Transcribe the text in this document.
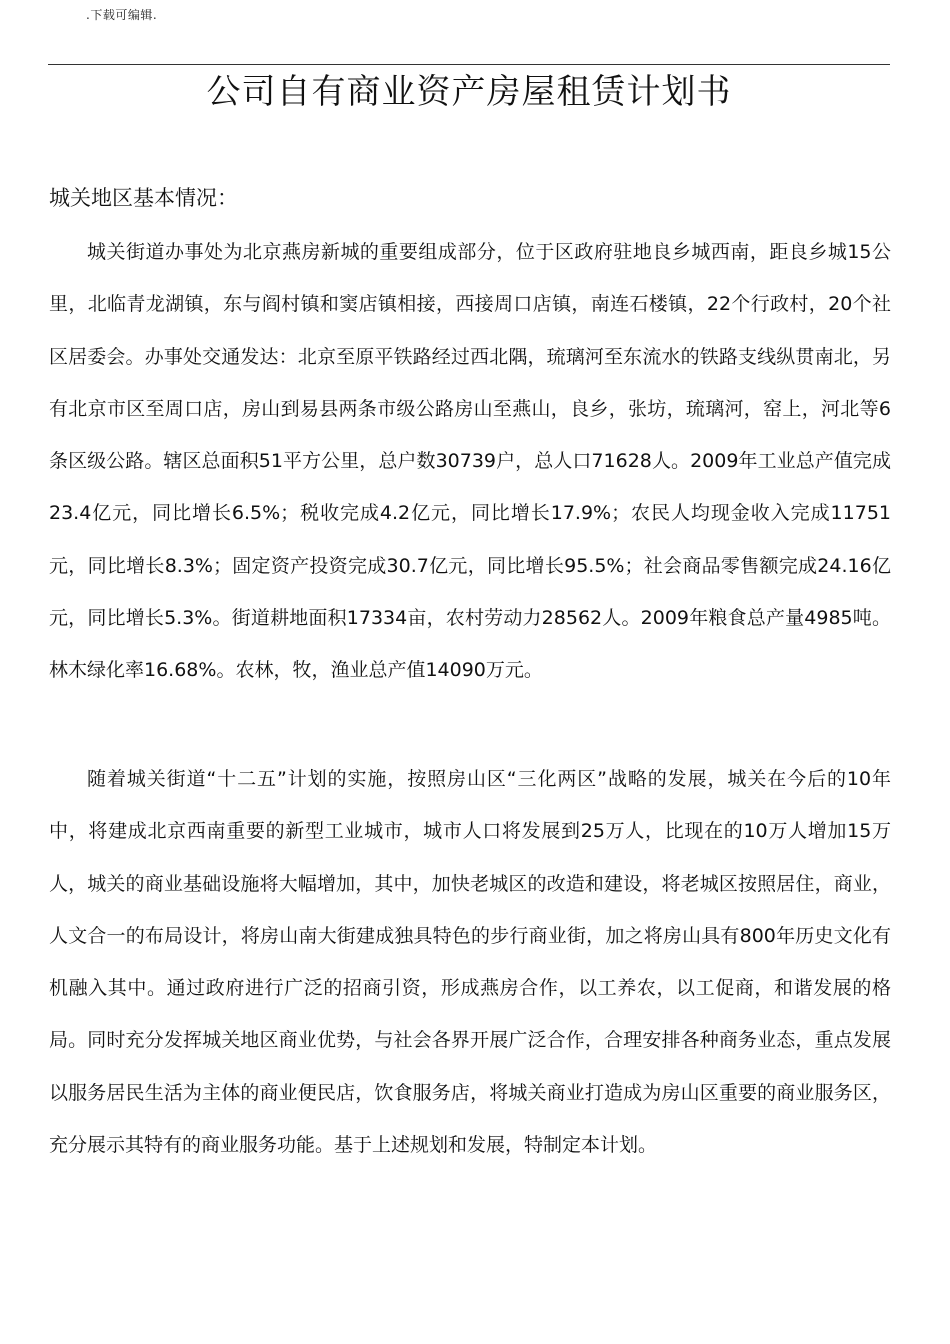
.下载可编辑.
公司自有商业资产房屋租赁计划书
城关地区基本情况：

城关街道办事处为北京燕房新城的重要组成部分，位于区政府驻地良乡城西南，距良乡城15公里，北临青龙湖镇，东与阎村镇和窦店镇相接，西接周口店镇，南连石楼镇，22个行政村，20个社区居委会。办事处交通发达：北京至原平铁路经过西北隅，琉璃河至东流水的铁路支线纵贯南北，另有北京市区至周口店，房山到易县两条市级公路房山至燕山，良乡，张坊，琉璃河，窑上，河北等6条区级公路。辖区总面积51平方公里，总户数30739户，总人口71628人。2009年工业总产值完成23.4亿元，同比增长6.5%；税收完成4.2亿元，同比增长17.9%；农民人均现金收入完成11751元，同比增长8.3%；固定资产投资完成30.7亿元，同比增长95.5%；社会商品零售额完成24.16亿元，同比增长5.3%。街道耕地面积17334亩，农村劳动力28562人。2009年粮食总产量4985吨。林木绿化率16.68%。农林，牧，渔业总产值14090万元。

随着城关街道“十二五”计划的实施，按照房山区“三化两区”战略的发展，城关在今后的10年中，将建成北京西南重要的新型工业城市，城市人口将发展到25万人，比现在的10万人增加15万人，城关的商业基础设施将大幅增加，其中，加快老城区的改造和建设，将老城区按照居住，商业，人文合一的布局设计，将房山南大街建成独具特色的步行商业街，加之将房山具有800年历史文化有机融入其中。通过政府进行广泛的招商引资，形成燕房合作，以工养农，以工促商，和谐发展的格局。同时充分发挥城关地区商业优势，与社会各界开展广泛合作，合理安排各种商务业态，重点发展以服务居民生活为主体的商业便民店，饮食服务店，将城关商业打造成为房山区重要的商业服务区，充分展示其特有的商业服务功能。基于上述规划和发展，特制定本计划。
